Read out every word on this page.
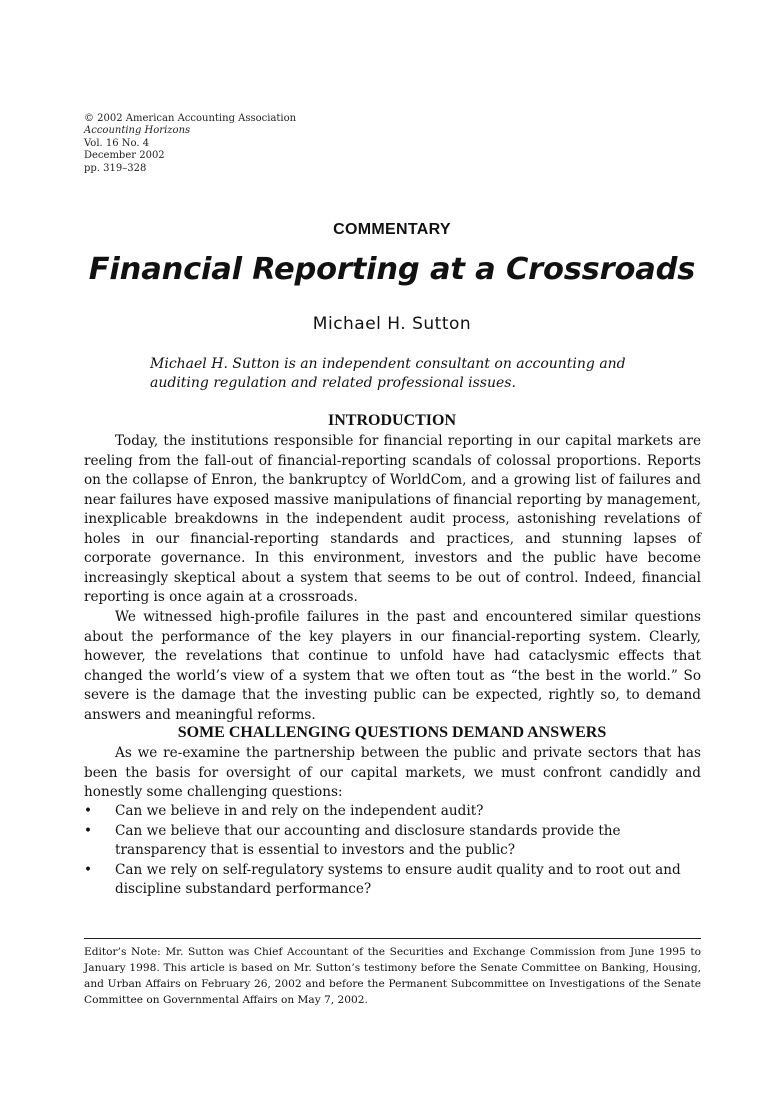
© 2002 American Accounting Association
Accounting Horizons
Vol. 16 No. 4
December 2002
pp. 319–328
COMMENTARY
Financial Reporting at a Crossroads
Michael H. Sutton
Michael H. Sutton is an independent consultant on accounting and auditing regulation and related professional issues.
INTRODUCTION

Today, the institutions responsible for financial reporting in our capital markets are reeling from the fall-out of financial-reporting scandals of colossal proportions. Reports on the collapse of Enron, the bankruptcy of WorldCom, and a growing list of failures and near failures have exposed massive manipulations of financial reporting by management, inexplicable breakdowns in the independent audit process, astonishing revelations of holes in our financial-reporting standards and practices, and stunning lapses of corporate governance. In this environment, investors and the public have become increasingly skeptical about a system that seems to be out of control. Indeed, financial reporting is once again at a crossroads.

We witnessed high-profile failures in the past and encountered similar questions about the performance of the key players in our financial-reporting system. Clearly, however, the revelations that continue to unfold have had cataclysmic effects that changed the world’s view of a system that we often tout as “the best in the world.” So severe is the damage that the investing public can be expected, rightly so, to demand answers and meaningful reforms.

SOME CHALLENGING QUESTIONS DEMAND ANSWERS

As we re-examine the partnership between the public and private sectors that has been the basis for oversight of our capital markets, we must confront candidly and honestly some challenging questions:

•	Can we believe in and rely on the independent audit?
•	Can we believe that our accounting and disclosure standards provide the transparency that is essential to investors and the public?
•	Can we rely on self-regulatory systems to ensure audit quality and to root out and discipline substandard performance?

Editor’s Note: Mr. Sutton was Chief Accountant of the Securities and Exchange Commission from June 1995 to January 1998. This article is based on Mr. Sutton’s testimony before the Senate Committee on Banking, Housing, and Urban Affairs on February 26, 2002 and before the Permanent Subcommittee on Investigations of the Senate Committee on Governmental Affairs on May 7, 2002.
